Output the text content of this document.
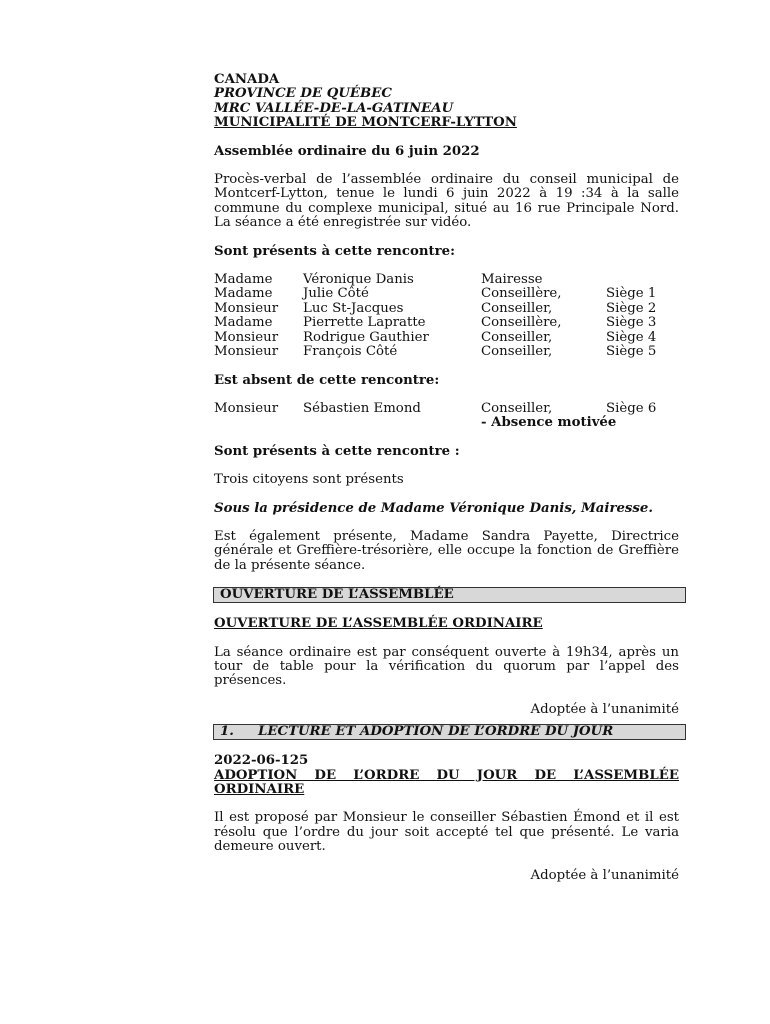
CANADA
PROVINCE DE QUÉBEC
MRC VALLÉE-DE-LA-GATINEAU
MUNICIPALITÉ DE MONTCERF-LYTTON
Assemblée ordinaire du 6 juin 2022
Procès-verbal de l’assemblée ordinaire du conseil municipal de Montcerf-Lytton, tenue le lundi 6 juin 2022 à 19 :34 à la salle commune du complexe municipal, situé au 16 rue Principale Nord. La séance a été enregistrée sur vidéo.
Sont présents à cette rencontre:
Madame	Véronique Danis	Mairesse	
Madame	Julie Côté	Conseillère,	Siège 1
Monsieur	Luc St-Jacques	Conseiller,	Siège 2
Madame	Pierrette Lapratte	Conseillère,	Siège 3
Monsieur	Rodrigue Gauthier	Conseiller,	Siège 4
Monsieur	François Côté	Conseiller,	Siège 5
Est absent de cette rencontre:
Monsieur	Sébastien Emond	Conseiller,	Siège 6
		- Absence motivée	
Sont présents à cette rencontre :
Trois citoyens sont présents
Sous la présidence de Madame Véronique Danis, Mairesse.
Est également présente, Madame Sandra Payette, Directrice générale et Greffière-trésorière, elle occupe la fonction de Greffière de la présente séance.
OUVERTURE DE L’ASSEMBLÉE
OUVERTURE DE L’ASSEMBLÉE ORDINAIRE
La séance ordinaire est par conséquent ouverte à 19h34, après un tour de table pour la vérification du quorum par l’appel des présences.
Adoptée à l’unanimité
1. LECTURE ET ADOPTION DE L’ORDRE DU JOUR
2022-06-125
ADOPTION DE L’ORDRE DU JOUR DE L’ASSEMBLÉE ORDINAIRE
Il est proposé par Monsieur le conseiller Sébastien Émond et il est résolu que l’ordre du jour soit accepté tel que présenté. Le varia demeure ouvert.
Adoptée à l’unanimité
